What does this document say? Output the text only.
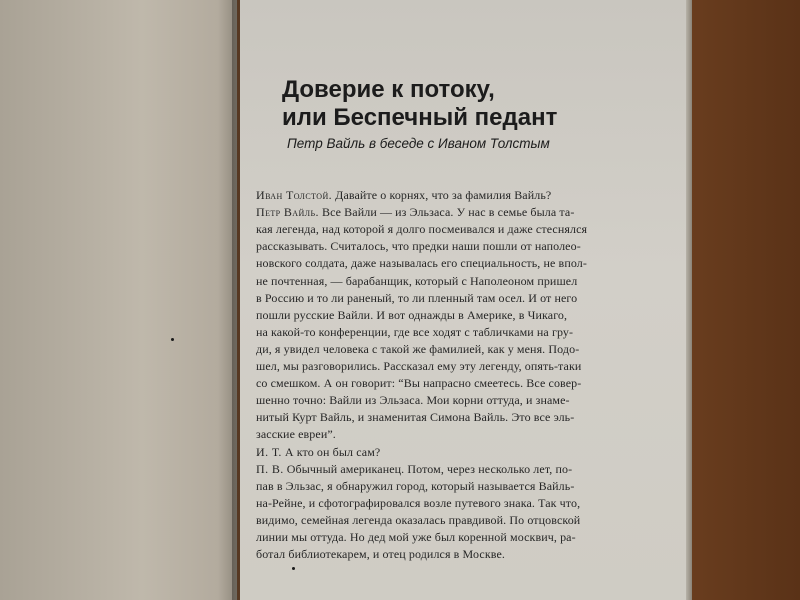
Доверие к потоку,
или Беспечный педант
Петр Вайль в беседе с Иваном Толстым
Иван Толстой. Давайте о корнях, что за фамилия Вайль?
Петр Вайль. Все Вайли — из Эльзаса. У нас в семье была та-
кая легенда, над которой я долго посмеивался и даже стеснялся
рассказывать. Считалось, что предки наши пошли от наполео-
новского солдата, даже называлась его специальность, не впол-
не почтенная, — барабанщик, который с Наполеоном пришел
в Россию и то ли раненый, то ли пленный там осел. И от него
пошли русские Вайли. И вот однажды в Америке, в Чикаго,
на какой-то конференции, где все ходят с табличками на гру-
ди, я увидел человека с такой же фамилией, как у меня. Подо-
шел, мы разговорились. Рассказал ему эту легенду, опять-таки
со смешком. А он говорит: “Вы напрасно смеетесь. Все совер-
шенно точно: Вайли из Эльзаса. Мои корни оттуда, и знаме-
нитый Курт Вайль, и знаменитая Симона Вайль. Это все эль-
засские евреи”.
И. Т. А кто он был сам?
П. В. Обычный американец. Потом, через несколько лет, по-
пав в Эльзас, я обнаружил город, который называется Вайль-
на-Рейне, и сфотографировался возле путевого знака. Так что,
видимо, семейная легенда оказалась правдивой. По отцовской
линии мы оттуда. Но дед мой уже был коренной москвич, ра-
ботал библиотекарем, и отец родился в Москве.
